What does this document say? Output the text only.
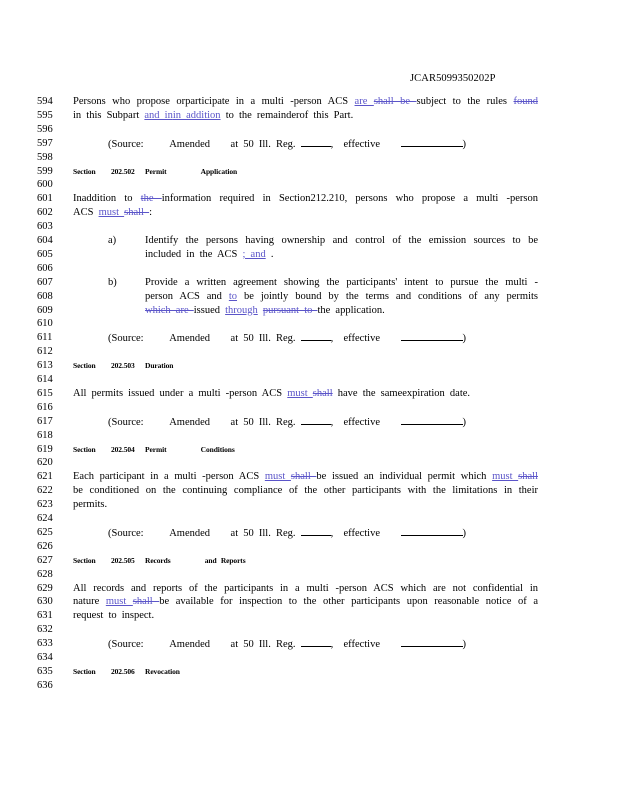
JCAR5099350202P
594	Persons who propose orparticipate in a multi -person ACS are shall be subject to the rules found
595	in this Subpart and inin addition to the remainderof this Part.
596
597	(Source: Amended at 50 Ill. Reg.	,  effective	)
598
599	Section 202.502 Permit	Application
600
601	Inaddition to the information required in Section212.210, persons who propose a multi -person
602	ACS must shall :
603
604	a)	Identify the persons having ownership and control of the emission sources to be
605	included in the ACS ; and .
606
607	b)	Provide a written agreement showing the participants' intent to pursue the multi -
608	person ACS and to be jointly bound by the terms and conditions of any permits
609	which are issued through pursuant to the application.
610
611	(Source: Amended at 50 Ill. Reg.	,  effective	)
612
613	Section 202.503 Duration
614
615	All permits issued under a multi -person ACS must shall have the sameexpiration date.
616
617	(Source: Amended at 50 Ill. Reg.	,  effective	)
618
619	Section 202.504 Permit	Conditions
620
621	Each participant in a multi -person ACS must shall be issued an individual permit which must shall
622	be conditioned on the continuing compliance of the other participants with the limitations in their
623	permits.
624
625	(Source: Amended at 50 Ill. Reg.	,  effective	)
626
627	Section 202.505 Records	and Reports
628
629	All records and reports of the participants in a multi -person ACS which are not confidential in
630	nature must shall be available for inspection to the other participants upon reasonable notice of a
631	request to inspect.
632
633	(Source: Amended at 50 Ill. Reg.	,  effective	)
634
635	Section 202.506 Revocation
636
